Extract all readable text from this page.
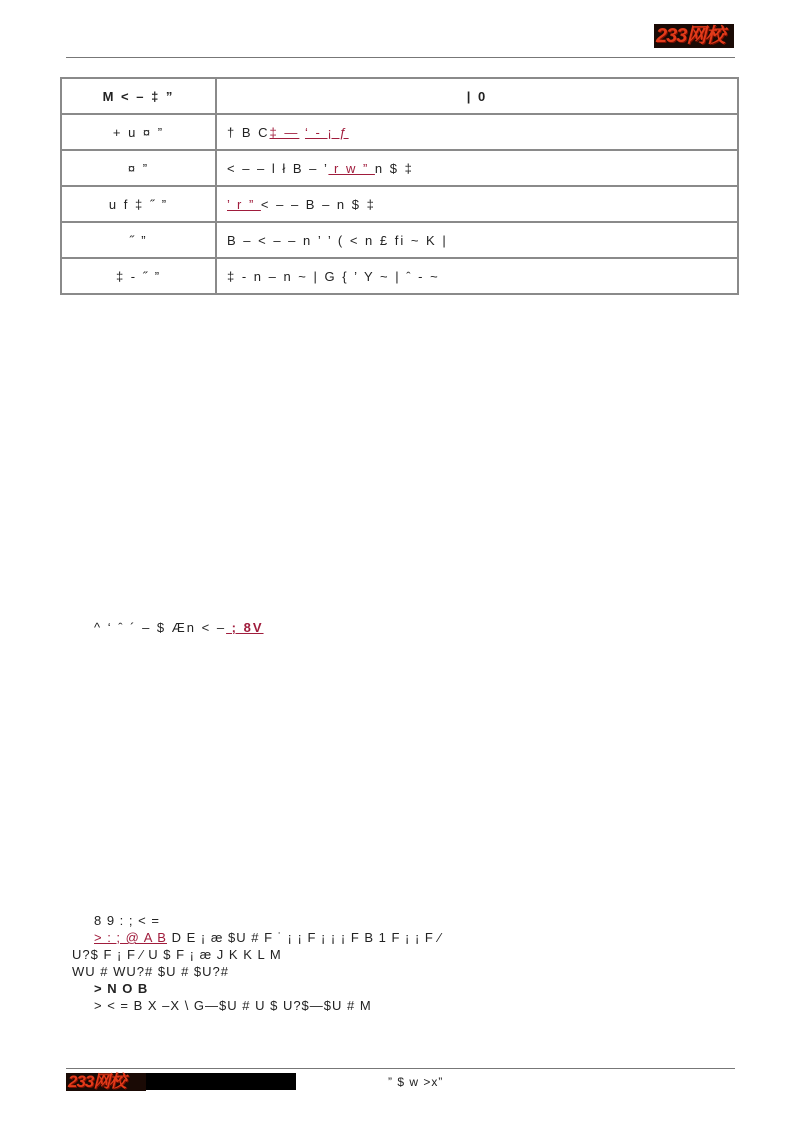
233网校
M < – ‡ ”	| 0
+ u ¤ ”	† B C‡ — ‘ - ¡ ƒ
¤ ”	< – – l ł B – ’ r w ” n $ ‡
u f ‡ ˝ ”	’ r ” < – – B – n $ ‡
˝ ”	B – < – – n ’ ’ ( < n £ fi ~ K |
‡ - ˝ ”	‡ - n – n ~ | G { ’ Y ~ | ˆ - ~
^ ‘ ˆ ´ – $ Æn < – ; 8V
8 9 : ; < =
> : ; @ A B D E ¡ æ $U # F ˙ ¡ ¡ F ¡ ¡ ¡ F B 1 F ¡ ¡ F ⁄
U?$ F ¡ F ⁄ U $ F ¡ æ J K K L M
WU # WU?# $U # $U?#
> N O B
> < = B X –X \ G—$U # U $ U?$—$U # M
233网校	” $ w >x”
